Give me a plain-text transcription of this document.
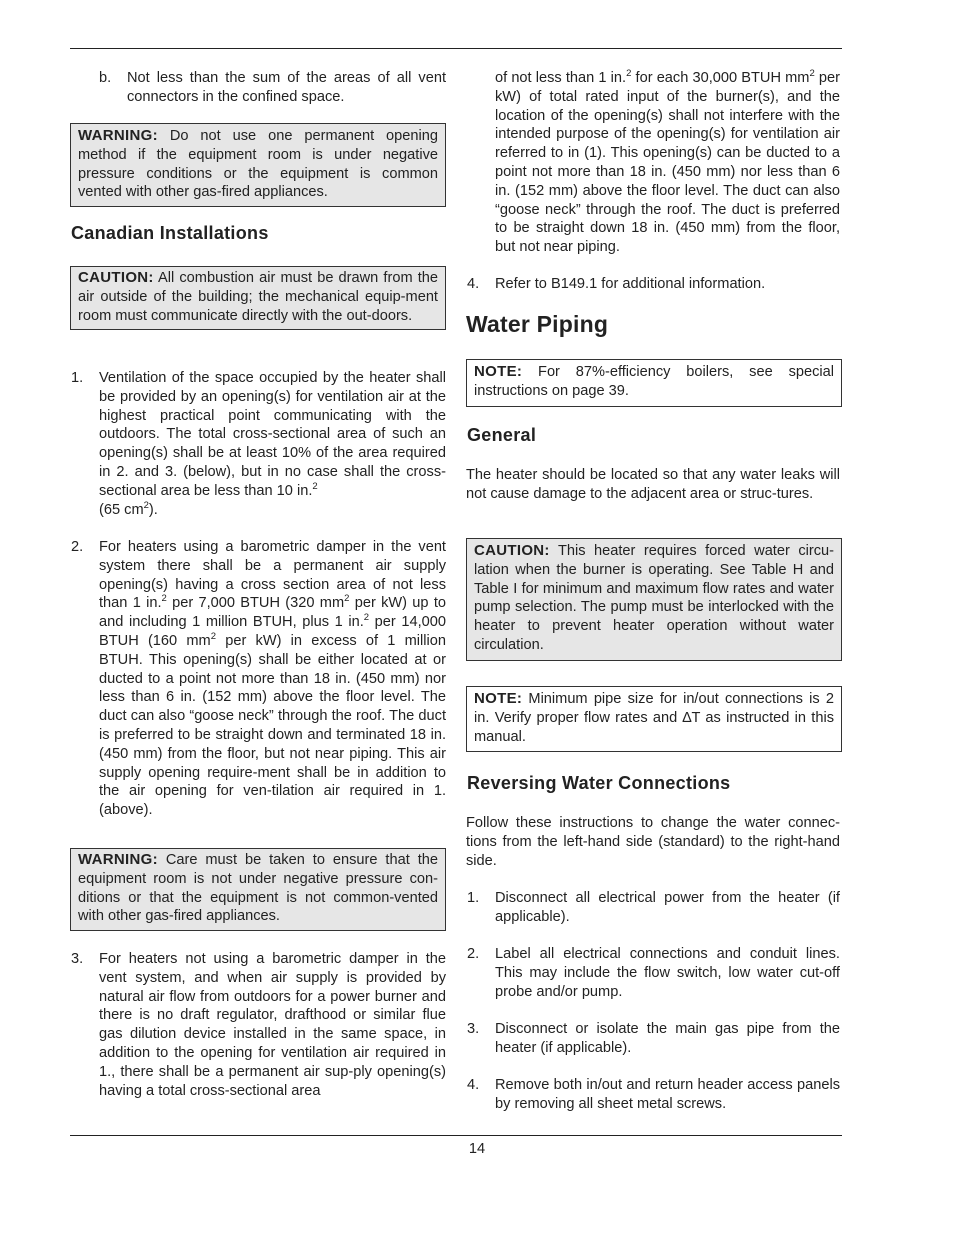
b. Not less than the sum of the areas of all vent connectors in the confined space.
WARNING: Do not use one permanent opening method if the equipment room is under negative pressure conditions or the equipment is common vented with other gas-fired appliances.
Canadian Installations
CAUTION: All combustion air must be drawn from the air outside of the building; the mechanical equip-ment room must communicate directly with the out-doors.
1. Ventilation of the space occupied by the heater shall be provided by an opening(s) for ventilation air at the highest practical point communicating with the outdoors. The total cross-sectional area of such an opening(s) shall be at least 10% of the area required in 2. and 3. (below), but in no case shall the cross-sectional area be less than 10 in.$^2$
(65 $cm^2$).
2. For heaters using a barometric damper in the vent system there shall be a permanent air supply opening(s) having a cross section area of not less than 1 in.$^2$ per 7,000 BTUH (320 $mm^2$ per kW) up to and including 1 million BTUH, plus 1 in.$^2$ per 14,000 BTUH (160 $mm^2$ per kW) in excess of 1 million BTUH. This opening(s) shall be either located at or ducted to a point not more than 18 in. (450 mm) nor less than 6 in. (152 mm) above the floor level. The duct can also “goose neck” through the roof. The duct is preferred to be straight down and terminated 18 in. (450 mm) from the floor, but not near piping. This air supply opening require-ment shall be in addition to the air opening for ven-tilation air required in 1. (above).
WARNING: Care must be taken to ensure that the equipment room is not under negative pressure con-ditions or that the equipment is not common-vented with other gas-fired appliances.
3. For heaters not using a barometric damper in the vent system, and when air supply is provided by natural air flow from outdoors for a power burner and there is no draft regulator, drafthood or similar flue gas dilution device installed in the same space, in addition to the opening for ventilation air required in 1., there shall be a permanent air sup-ply opening(s) having a total cross-sectional area
of not less than 1 in.$^2$ for each 30,000 BTUH $mm^2$ per kW) of total rated input of the burner(s), and the location of the opening(s) shall not interfere with the intended purpose of the opening(s) for ventilation air referred to in (1). This opening(s) can be ducted to a point not more than 18 in. (450 mm) nor less than 6 in. (152 mm) above the floor level. The duct can also “goose neck” through the roof. The duct is preferred to be straight down 18 in. (450 mm) from the floor, but not near piping.
4. Refer to B149.1 for additional information.
Water Piping
NOTE: For 87%-efficiency boilers, see special instructions on page 39.
General
The heater should be located so that any water leaks will not cause damage to the adjacent area or struc-tures.
CAUTION: This heater requires forced water circu-lation when the burner is operating. See Table H and Table I for minimum and maximum flow rates and water pump selection. The pump must be interlocked with the heater to prevent heater operation without water circulation.
NOTE: Minimum pipe size for in/out connections is 2 in. Verify proper flow rates and ∆T as instructed in this manual.
Reversing Water Connections
Follow these instructions to change the water connec-tions from the left-hand side (standard) to the right-hand side.
1. Disconnect all electrical power from the heater (if applicable).
2. Label all electrical connections and conduit lines. This may include the flow switch, low water cut-off probe and/or pump.
3. Disconnect or isolate the main gas pipe from the heater (if applicable).
4. Remove both in/out and return header access panels by removing all sheet metal screws.
14
